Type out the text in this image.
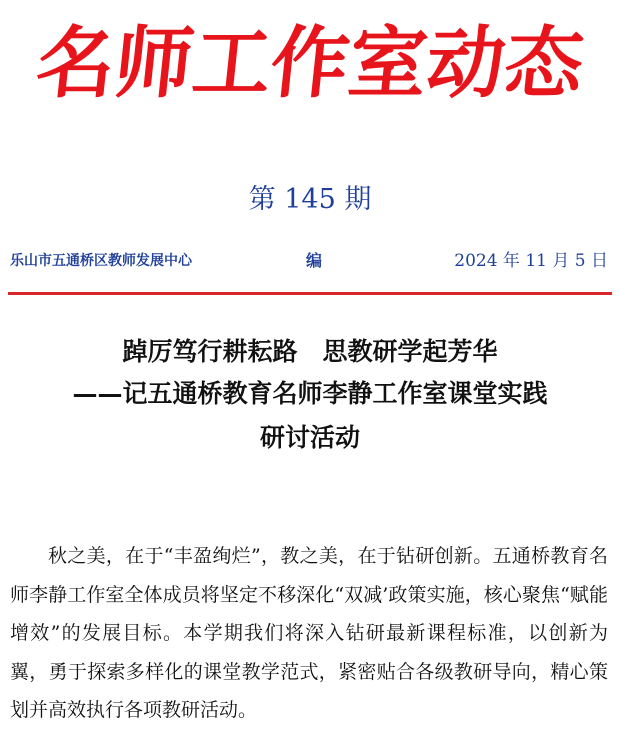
名师工作室动态
第 145 期
乐山市五通桥区教师发展中心	编	2024 年 11 月 5 日
踔厉笃行耕耘路　思教研学起芳华
——记五通桥教育名师李静工作室课堂实践
研讨活动

秋之美，在于“丰盈绚烂”，教之美，在于钻研创新。五通桥教育名师李静工作室全体成员将坚定不移深化“双减’政策实施，核心聚焦“赋能增效”的发展目标。本学期我们将深入钻研最新课程标准，以创新为翼，勇于探索多样化的课堂教学范式，紧密贴合各级教研导向，精心策划并高效执行各项教研活动。
